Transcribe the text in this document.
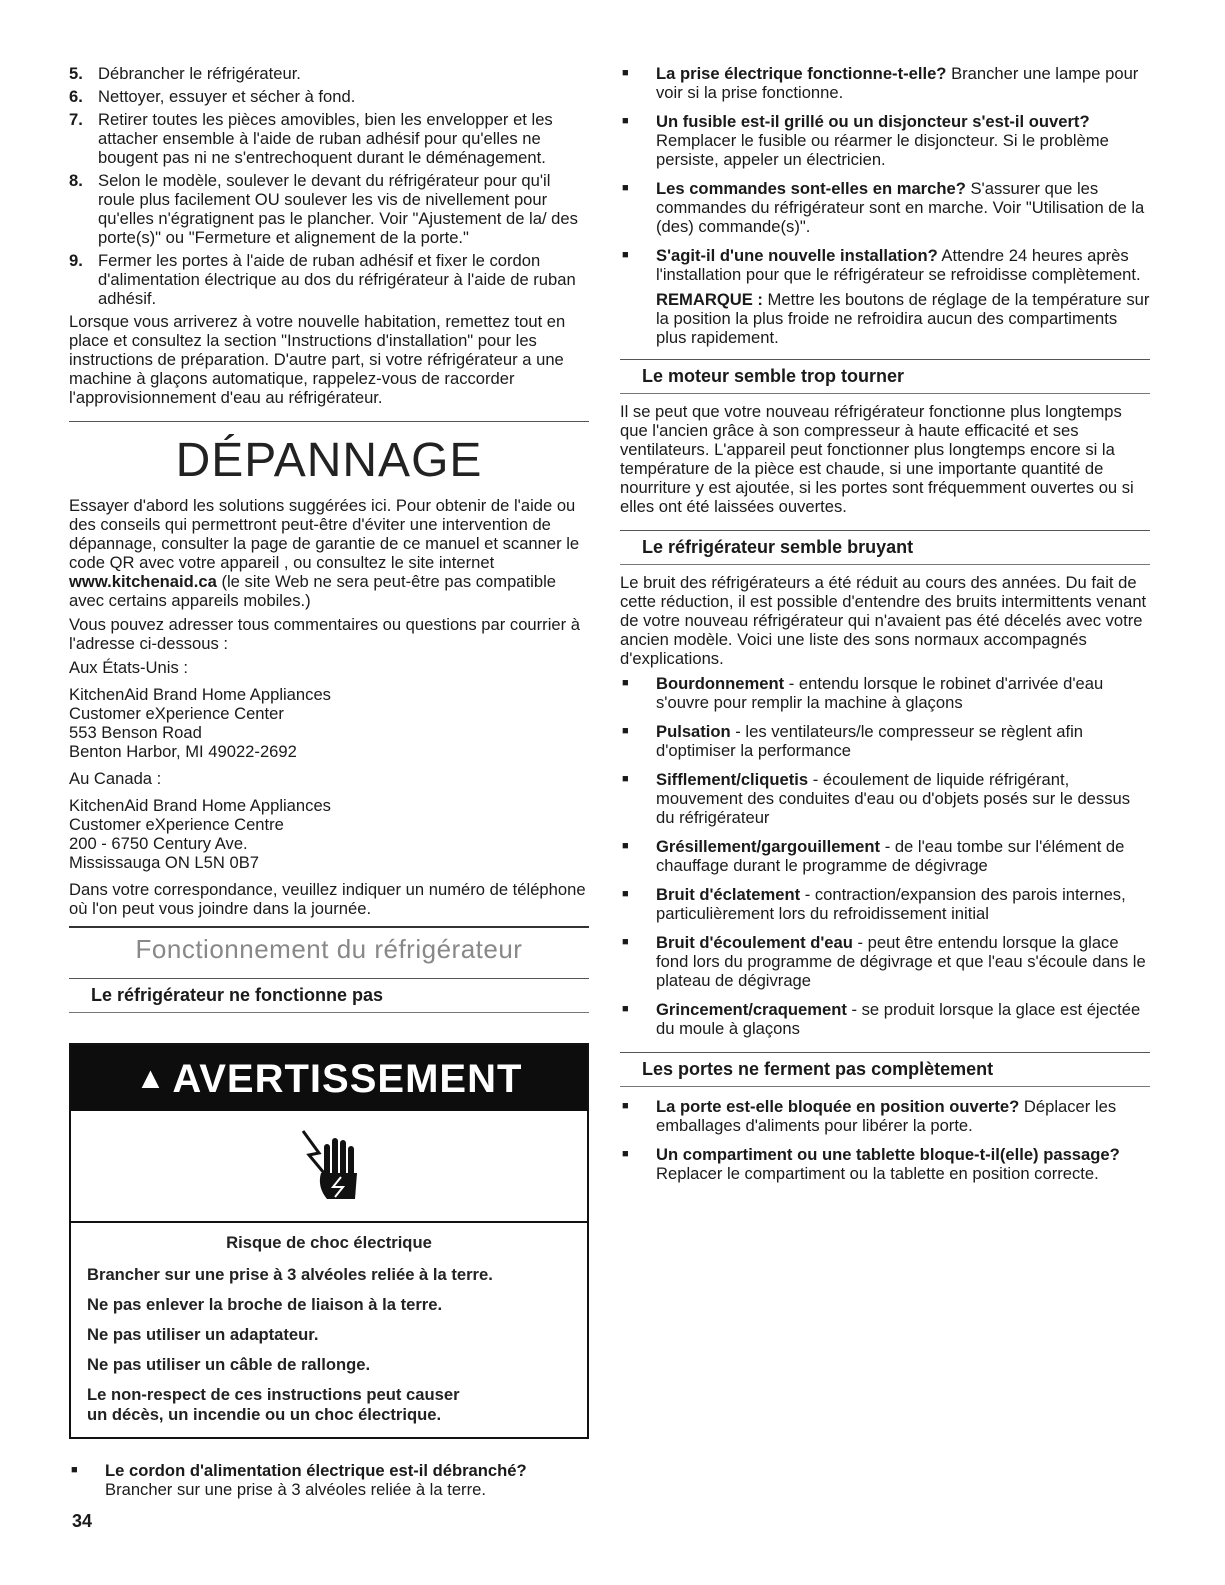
5. Débrancher le réfrigérateur.
6. Nettoyer, essuyer et sécher à fond.
7. Retirer toutes les pièces amovibles, bien les envelopper et les attacher ensemble à l'aide de ruban adhésif pour qu'elles ne bougent pas ni ne s'entrechoquent durant le déménagement.
8. Selon le modèle, soulever le devant du réfrigérateur pour qu'il roule plus facilement OU soulever les vis de nivellement pour qu'elles n'égratignent pas le plancher. Voir "Ajustement de la/ des porte(s)" ou "Fermeture et alignement de la porte."
9. Fermer les portes à l'aide de ruban adhésif et fixer le cordon d'alimentation électrique au dos du réfrigérateur à l'aide de ruban adhésif.

Lorsque vous arriverez à votre nouvelle habitation, remettez tout en place et consultez la section "Instructions d'installation" pour les instructions de préparation. D'autre part, si votre réfrigérateur a une machine à glaçons automatique, rappelez-vous de raccorder l'approvisionnement d'eau au réfrigérateur.

DÉPANNAGE

Essayer d'abord les solutions suggérées ici. Pour obtenir de l'aide ou des conseils qui permettront peut-être d'éviter une intervention de dépannage, consulter la page de garantie de ce manuel et scanner le code QR avec votre appareil , ou consultez le site internet www.kitchenaid.ca (le site Web ne sera peut-être pas compatible avec certains appareils mobiles.)

Vous pouvez adresser tous commentaires ou questions par courrier à l'adresse ci-dessous :

Aux États-Unis :

KitchenAid Brand Home Appliances

Customer eXperience Center

553 Benson Road

Benton Harbor, MI 49022-2692

Au Canada :

KitchenAid Brand Home Appliances

Customer eXperience Centre

200 - 6750 Century Ave.

Mississauga ON L5N 0B7

Dans votre correspondance, veuillez indiquer un numéro de téléphone où l'on peut vous joindre dans la journée.

Fonctionnement du réfrigérateur
Le réfrigérateur ne fonctionne pas
▲ AVERTISSEMENT

Risque de choc électrique

Brancher sur une prise à 3 alvéoles reliée à la terre.

Ne pas enlever la broche de liaison à la terre.

Ne pas utiliser un adaptateur.

Ne pas utiliser un câble de rallonge.

Le non-respect de ces instructions peut causer
un décès, un incendie ou un choc électrique.

■	Le cordon d'alimentation électrique est-il débranché?
Brancher sur une prise à 3 alvéoles reliée à la terre.
■	La prise électrique fonctionne-t-elle? Brancher une lampe pour voir si la prise fonctionne.
■	Un fusible est-il grillé ou un disjoncteur s'est-il ouvert? Remplacer le fusible ou réarmer le disjoncteur. Si le problème persiste, appeler un électricien.
■	Les commandes sont-elles en marche? S'assurer que les commandes du réfrigérateur sont en marche. Voir "Utilisation de la (des) commande(s)".
■	S'agit-il d'une nouvelle installation? Attendre 24 heures après l'installation pour que le réfrigérateur se refroidisse complètement.

REMARQUE : Mettre les boutons de réglage de la température sur la position la plus froide ne refroidira aucun des compartiments plus rapidement.

Le moteur semble trop tourner

Il se peut que votre nouveau réfrigérateur fonctionne plus longtemps que l'ancien grâce à son compresseur à haute efficacité et ses ventilateurs. L'appareil peut fonctionner plus longtemps encore si la température de la pièce est chaude, si une importante quantité de nourriture y est ajoutée, si les portes sont fréquemment ouvertes ou si elles ont été laissées ouvertes.

Le réfrigérateur semble bruyant

Le bruit des réfrigérateurs a été réduit au cours des années. Du fait de cette réduction, il est possible d'entendre des bruits intermittents venant de votre nouveau réfrigérateur qui n'avaient pas été décelés avec votre ancien modèle. Voici une liste des sons normaux accompagnés d'explications.

■	Bourdonnement - entendu lorsque le robinet d'arrivée d'eau s'ouvre pour remplir la machine à glaçons
■	Pulsation - les ventilateurs/le compresseur se règlent afin d'optimiser la performance
■	Sifflement/cliquetis - écoulement de liquide réfrigérant, mouvement des conduites d'eau ou d'objets posés sur le dessus du réfrigérateur
■	Grésillement/gargouillement - de l'eau tombe sur l'élément de chauffage durant le programme de dégivrage
■	Bruit d'éclatement - contraction/expansion des parois internes, particulièrement lors du refroidissement initial
■	Bruit d'écoulement d'eau - peut être entendu lorsque la glace fond lors du programme de dégivrage et que l'eau s'écoule dans le plateau de dégivrage
■	Grincement/craquement - se produit lorsque la glace est éjectée du moule à glaçons
Les portes ne ferment pas complètement
■	La porte est-elle bloquée en position ouverte? Déplacer les emballages d'aliments pour libérer la porte.
■	Un compartiment ou une tablette bloque-t-il(elle) passage? Replacer le compartiment ou la tablette en position correcte.
34
